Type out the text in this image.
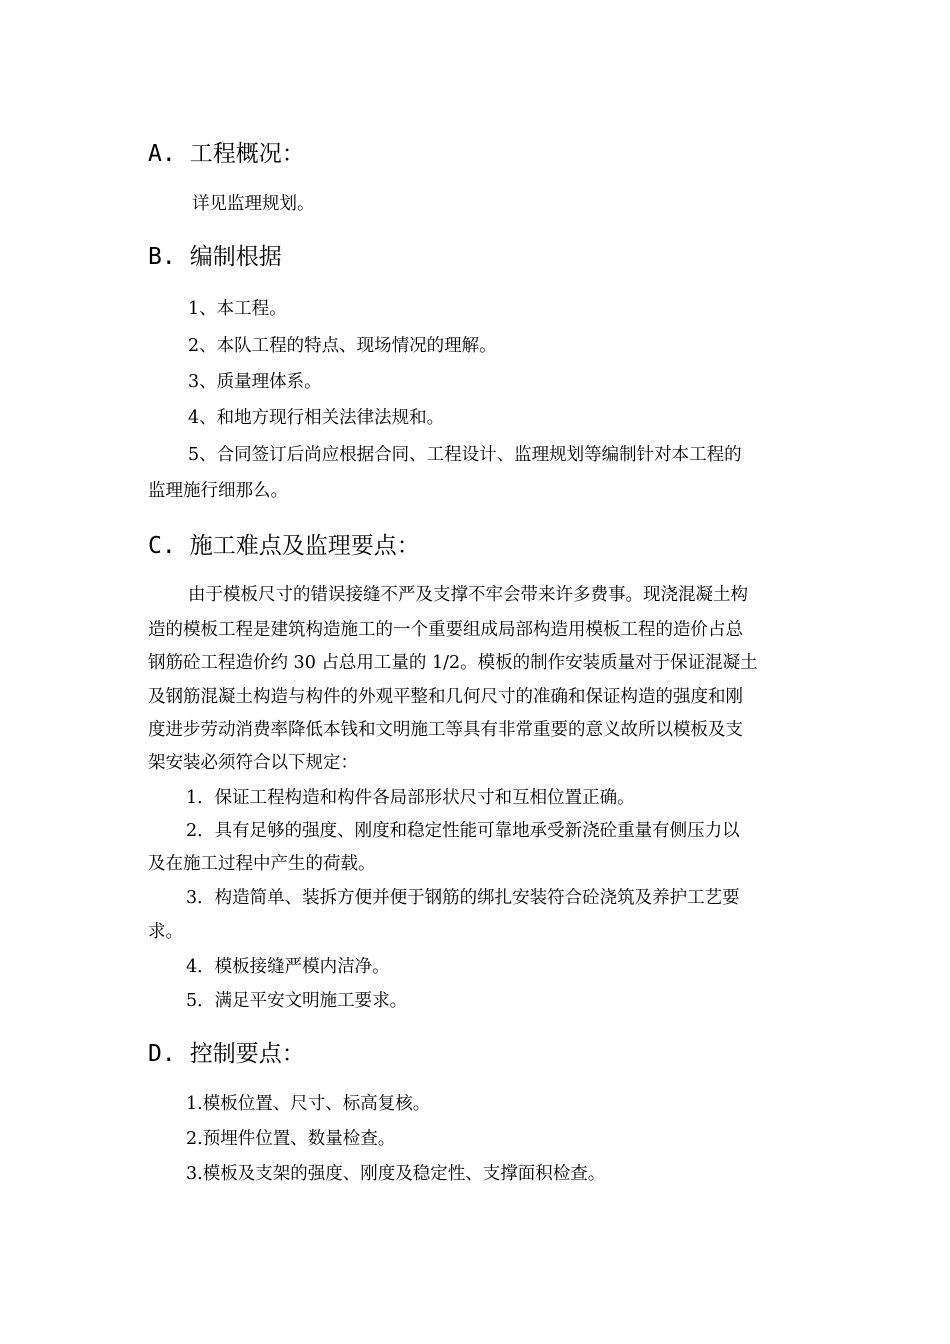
A. 工程概况：
详见监理规划。
B. 编制根据
1、本工程。
2、本队工程的特点、现场情况的理解。
3、质量理体系。
4、和地方现行相关法律法规和。
5、合同签订后尚应根据合同、工程设计、监理规划等编制针对本工程的
监理施行细那么。
C. 施工难点及监理要点：
由于模板尺寸的错误接缝不严及支撑不牢会带来许多费事。现浇混凝土构
造的模板工程是建筑构造施工的一个重要组成局部构造用模板工程的造价占总
钢筋砼工程造价约 30 占总用工量的 1/2。模板的制作安装质量对于保证混凝土
及钢筋混凝土构造与构件的外观平整和几何尺寸的准确和保证构造的强度和刚
度进步劳动消费率降低本钱和文明施工等具有非常重要的意义故所以模板及支
架安装必须符合以下规定：
1．保证工程构造和构件各局部形状尺寸和互相位置正确。
2．具有足够的强度、刚度和稳定性能可靠地承受新浇砼重量有侧压力以
及在施工过程中产生的荷载。
3．构造简单、装拆方便并便于钢筋的绑扎安装符合砼浇筑及养护工艺要
求。
4．模板接缝严模内洁净。
5．满足平安文明施工要求。
D. 控制要点：
1.模板位置、尺寸、标高复核。
2.预埋件位置、数量检查。
3.模板及支架的强度、刚度及稳定性、支撑面积检查。
